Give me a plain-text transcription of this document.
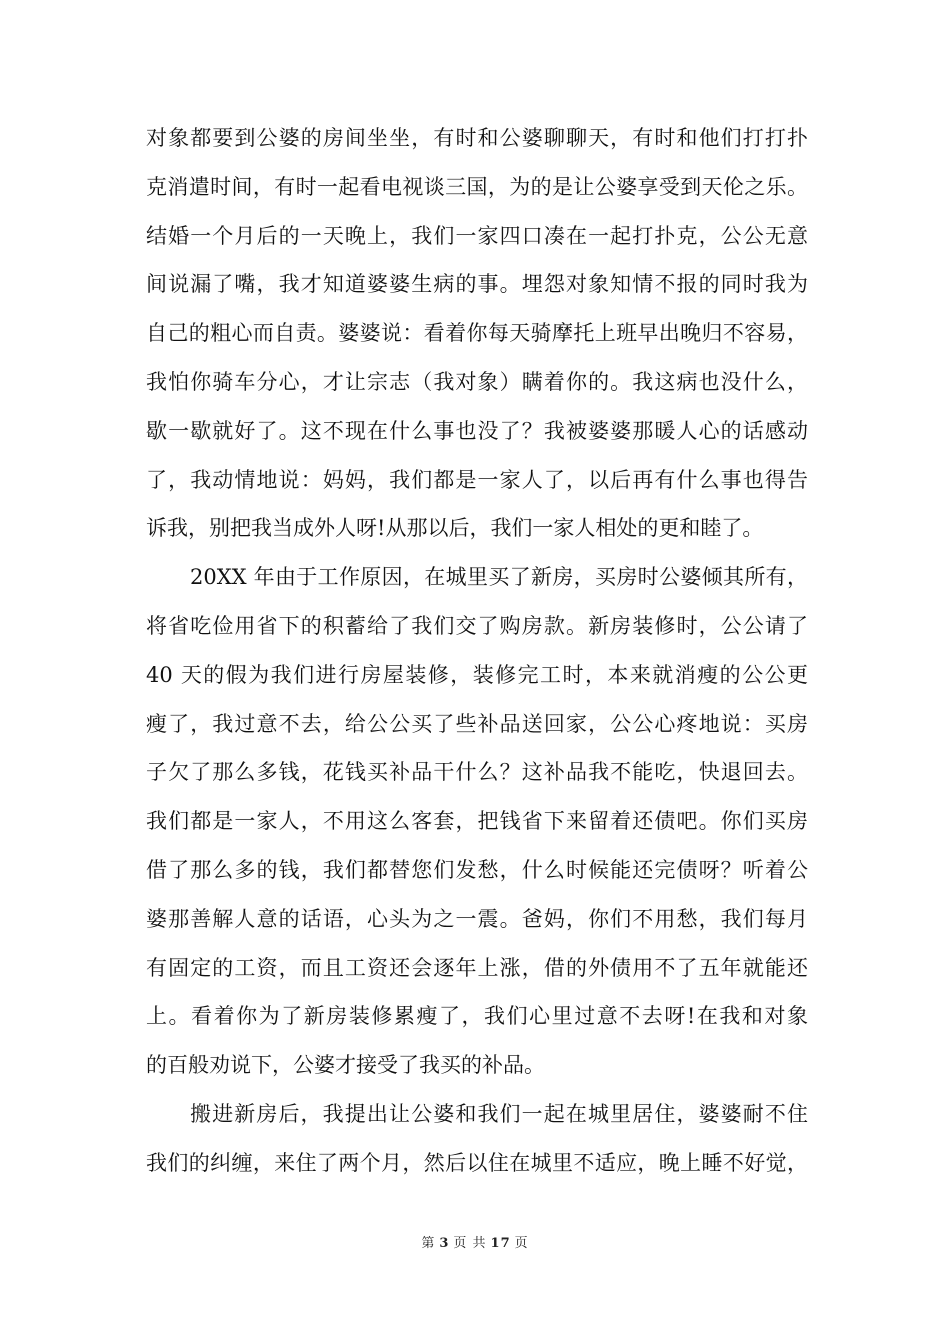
对象都要到公婆的房间坐坐，有时和公婆聊聊天，有时和他们打打扑
克消遣时间，有时一起看电视谈三国，为的是让公婆享受到天伦之乐。
结婚一个月后的一天晚上，我们一家四口凑在一起打扑克，公公无意
间说漏了嘴，我才知道婆婆生病的事。埋怨对象知情不报的同时我为
自己的粗心而自责。婆婆说：看着你每天骑摩托上班早出晚归不容易，
我怕你骑车分心，才让宗志（我对象）瞒着你的。我这病也没什么，
歇一歇就好了。这不现在什么事也没了？我被婆婆那暖人心的话感动
了，我动情地说：妈妈，我们都是一家人了，以后再有什么事也得告
诉我，别把我当成外人呀!从那以后，我们一家人相处的更和睦了。
20XX 年由于工作原因，在城里买了新房，买房时公婆倾其所有，
将省吃俭用省下的积蓄给了我们交了购房款。新房装修时，公公请了
40 天的假为我们进行房屋装修，装修完工时，本来就消瘦的公公更
瘦了，我过意不去，给公公买了些补品送回家，公公心疼地说：买房
子欠了那么多钱，花钱买补品干什么？这补品我不能吃，快退回去。
我们都是一家人，不用这么客套，把钱省下来留着还债吧。你们买房
借了那么多的钱，我们都替您们发愁，什么时候能还完债呀？听着公
婆那善解人意的话语，心头为之一震。爸妈，你们不用愁，我们每月
有固定的工资，而且工资还会逐年上涨，借的外债用不了五年就能还
上。看着你为了新房装修累瘦了，我们心里过意不去呀!在我和对象
的百般劝说下，公婆才接受了我买的补品。
搬进新房后，我提出让公婆和我们一起在城里居住，婆婆耐不住
我们的纠缠，来住了两个月，然后以住在城里不适应，晚上睡不好觉，
第 3 页 共 17 页
